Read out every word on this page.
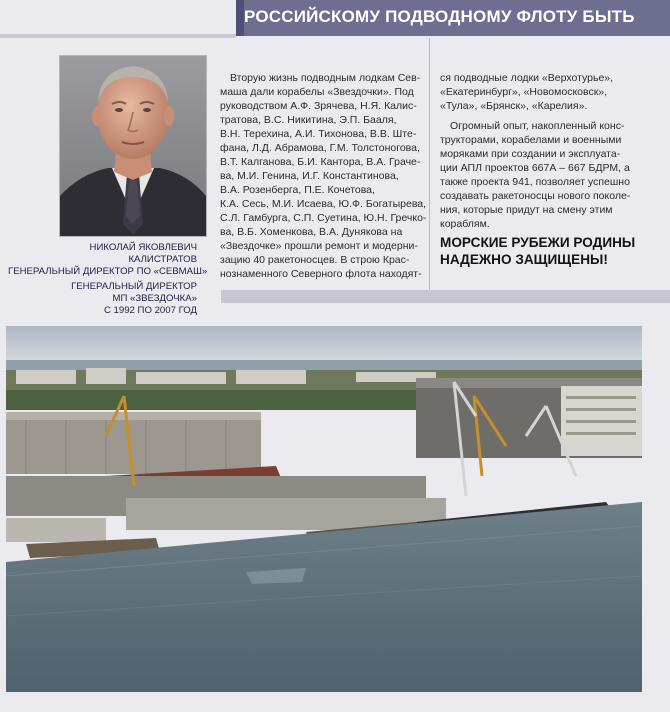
РОССИЙСКОМУ ПОДВОДНОМУ ФЛОТУ БЫТЬ
НИКОЛАЙ ЯКОВЛЕВИЧ
КАЛИСТРАТОВ
ГЕНЕРАЛЬНЫЙ ДИРЕКТОР ПО «СЕВМАШ»
ГЕНЕРАЛЬНЫЙ ДИРЕКТОР
МП «ЗВЕЗДОЧКА»
С 1992 ПО 2007 ГОД
Вторую жизнь подводным лодкам Сев-
маша дали корабелы «Звездочки». Под
руководством А.Ф. Зрячева, Н.Я. Калис-
тратова, В.С. Никитина, Э.П. Бааля,
В.Н. Терехина, А.И. Тихонова, В.В. Ште-
фана, Л.Д. Абрамова, Г.М. Толстоногова,
В.Т. Калганова, Б.И. Кантора, В.А. Граче-
ва, М.И. Генина, И.Г. Константинова,
В.А. Розенберга, П.Е. Кочетова,
К.А. Сесь, М.И. Исаева, Ю.Ф. Богатырева,
С.Л. Гамбурга, С.П. Суетина, Ю.Н. Гречко-
ва, В.Б. Хоменкова, В.А. Дунякова на
«Звездочке» прошли ремонт и модерни-
зацию 40 ракетоносцев. В строю Крас-
нознаменного Северного флота находят-
ся подводные лодки «Верхотурье»,
«Екатеринбург», «Новомосковск»,
«Тула», «Брянск», «Карелия».
Огромный опыт, накопленный конс-
трукторами, корабелами и военными
моряками при создании и эксплуата-
ции АПЛ проектов 667А – 667 БДРМ, а
также проекта 941, позволяет успешно
создавать ракетоносцы нового поколе-
ния, которые придут на смену этим
кораблям.
МОРСКИЕ РУБЕЖИ РОДИНЫ
НАДЕЖНО ЗАЩИЩЕНЫ!
